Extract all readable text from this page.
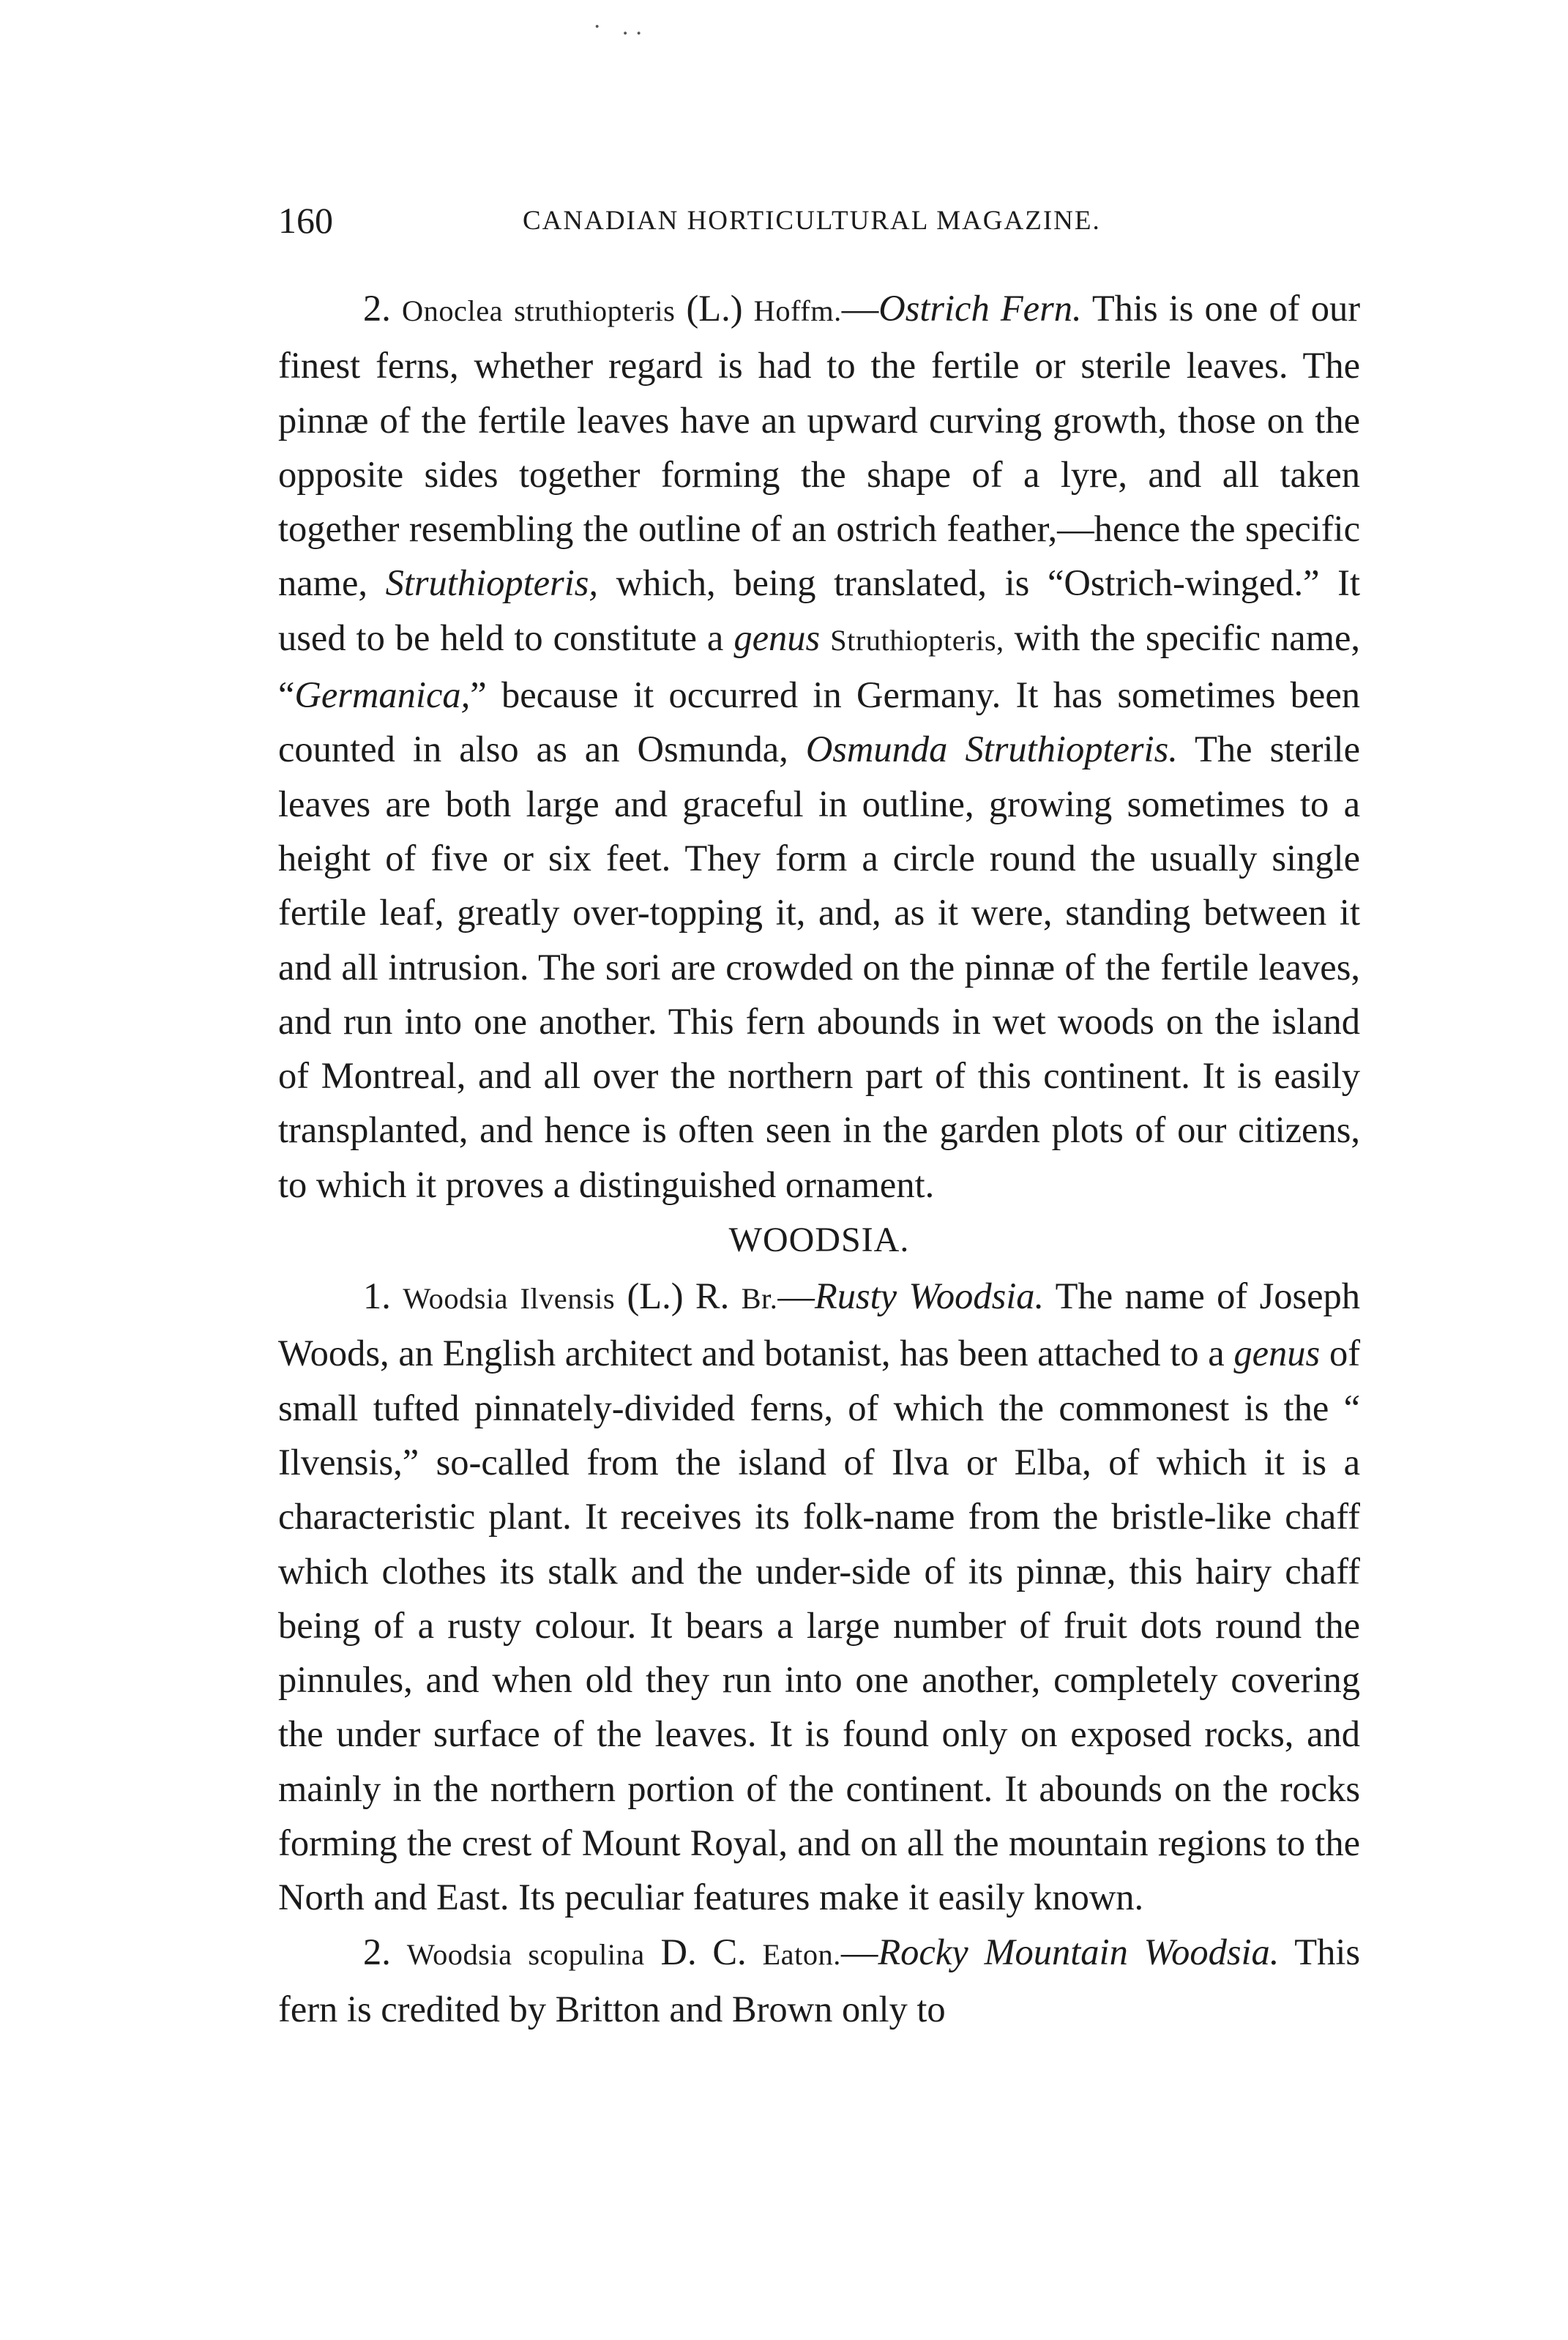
· ..
160	CANADIAN HORTICULTURAL MAGAZINE.

2. Onoclea struthiopteris (L.) Hoffm.—Ostrich Fern. This is one of our finest ferns, whether regard is had to the fertile or sterile leaves. The pinnæ of the fertile leaves have an upward curving growth, those on the opposite sides together forming the shape of a lyre, and all taken together resembling the outline of an ostrich feather,—hence the specific name, Struthiopteris, which, being translated, is “Ostrich-winged.” It used to be held to constitute a genus Struthiopteris, with the specific name, “Germanica,” because it occurred in Germany. It has sometimes been counted in also as an Osmunda, Osmunda Struthiopteris. The sterile leaves are both large and graceful in outline, growing sometimes to a height of five or six feet. They form a circle round the usually single fertile leaf, greatly over-topping it, and, as it were, standing between it and all intrusion. The sori are crowded on the pinnæ of the fertile leaves, and run into one another. This fern abounds in wet woods on the island of Montreal, and all over the northern part of this continent. It is easily transplanted, and hence is often seen in the garden plots of our citizens, to which it proves a distinguished ornament.

WOODSIA.

1. Woodsia Ilvensis (L.) R. Br.—Rusty Woodsia. The name of Joseph Woods, an English architect and botanist, has been attached to a genus of small tufted pinnately-divided ferns, of which the commonest is the “ Ilvensis,” so-called from the island of Ilva or Elba, of which it is a characteristic plant. It receives its folk-name from the bristle-like chaff which clothes its stalk and the under-side of its pinnæ, this hairy chaff being of a rusty colour. It bears a large number of fruit dots round the pinnules, and when old they run into one another, completely covering the under surface of the leaves. It is found only on exposed rocks, and mainly in the northern portion of the continent. It abounds on the rocks forming the crest of Mount Royal, and on all the mountain regions to the North and East. Its peculiar features make it easily known.

2. Woodsia scopulina D. C. Eaton.—Rocky Mountain Woodsia. This fern is credited by Britton and Brown only to
